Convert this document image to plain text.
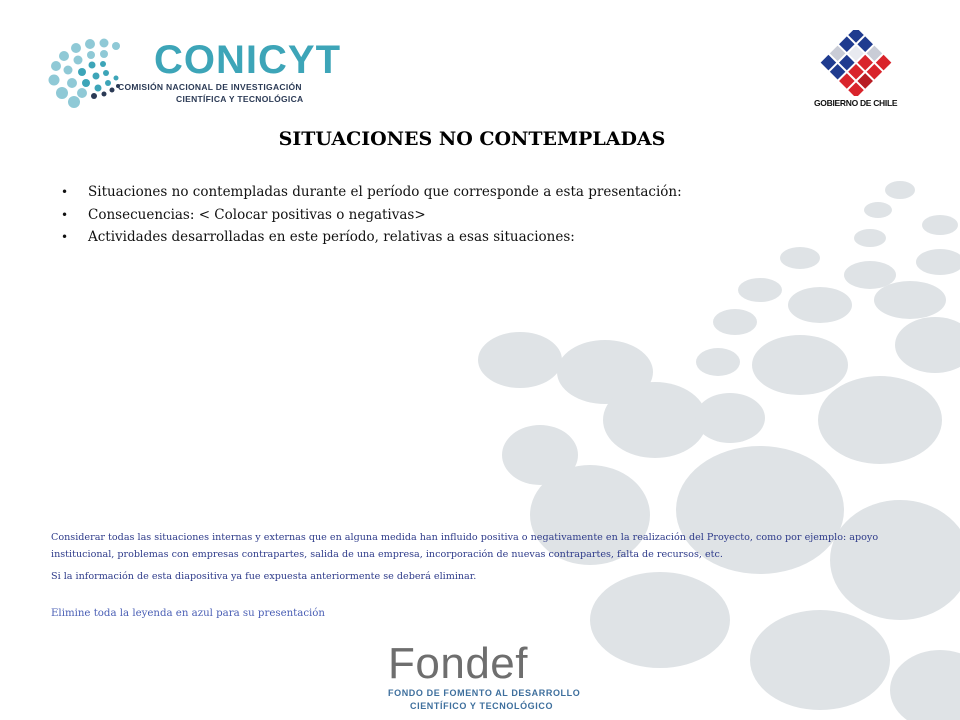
CONICYT
COMISIÓN NACIONAL DE INVESTIGACIÓN
CIENTÍFICA Y TECNOLÓGICA	GOBIERNO DE CHILE
SITUACIONES NO CONTEMPLADAS
• Situaciones no contempladas durante el período que corresponde a esta presentación:
• Consecuencias: < Colocar positivas o negativas>
• Actividades desarrolladas en este período, relativas a esas situaciones:
Considerar todas las situaciones internas y externas que en alguna medida han influido positiva o negativamente en la realización del Proyecto, como por ejemplo: apoyo institucional, problemas con empresas contrapartes, salida de una empresa, incorporación de nuevas contrapartes, falta de recursos, etc.
Si la información de esta diapositiva ya fue expuesta anteriormente se deberá eliminar.
Elimine toda la leyenda en azul para su presentación
Fondef
FONDO DE FOMENTO AL DESARROLLO
CIENTÍFICO Y TECNOLÓGICO
